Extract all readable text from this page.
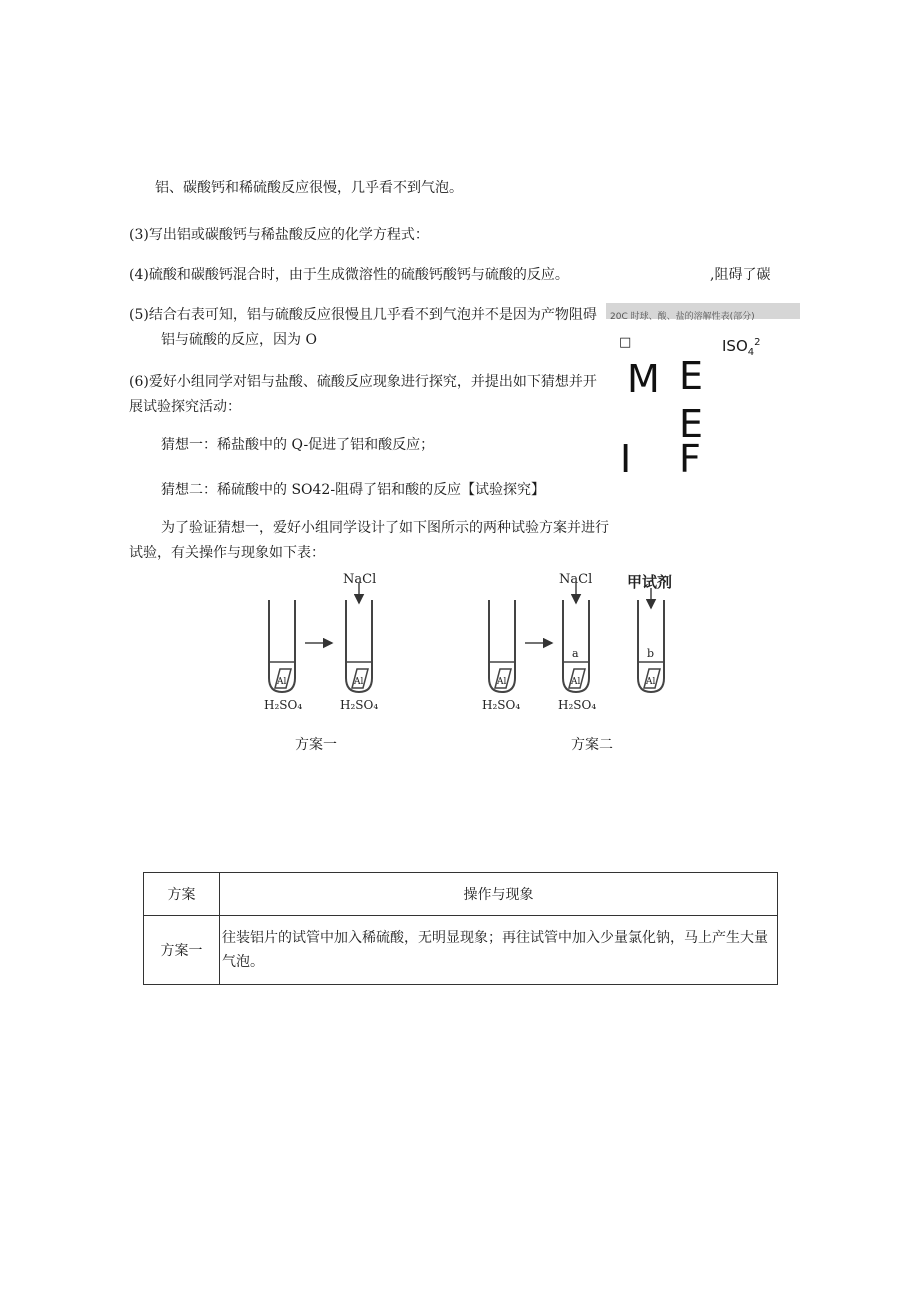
铝、碳酸钙和稀硫酸反应很慢，几乎看不到气泡。
(3)写出铝或碳酸钙与稀盐酸反应的化学方程式：
(4)硫酸和碳酸钙混合时，由于生成微溶性的硫酸钙酸钙与硫酸的反应。	,阻碍了碳
(5)结合右表可知，铝与硫酸反应很慢且几乎看不到气泡并不是因为产物阻碍
铝与硫酸的反应，因为 O
(6)爱好小组同学对铝与盐酸、硫酸反应现象进行探究，并提出如下猜想并开
展试验探究活动：
猜想一：稀盐酸中的 Q-促进了铝和酸反应；
猜想二：稀硫酸中的 SO42-阻碍了铝和酸的反应【试验探究】
为了验证猜想一，爱好小组同学设计了如下图所示的两种试验方案并进行
试验，有关操作与现象如下表：
20C 时球、酸、盐的溶解性表(部分)
□	$ISO_4^2$
M E
E
I F
NaCl	NaCl 甲试剂
Al	Al	Al	Al	Al
a	b
H₂SO₄	H₂SO₄	H₂SO₄	H₂SO₄
方案一	方案二
方案	操作与现象
方案一	往装铝片的试管中加入稀硫酸，无明显现象；再往试管中加入少量氯化钠，马上产生大量气泡。
